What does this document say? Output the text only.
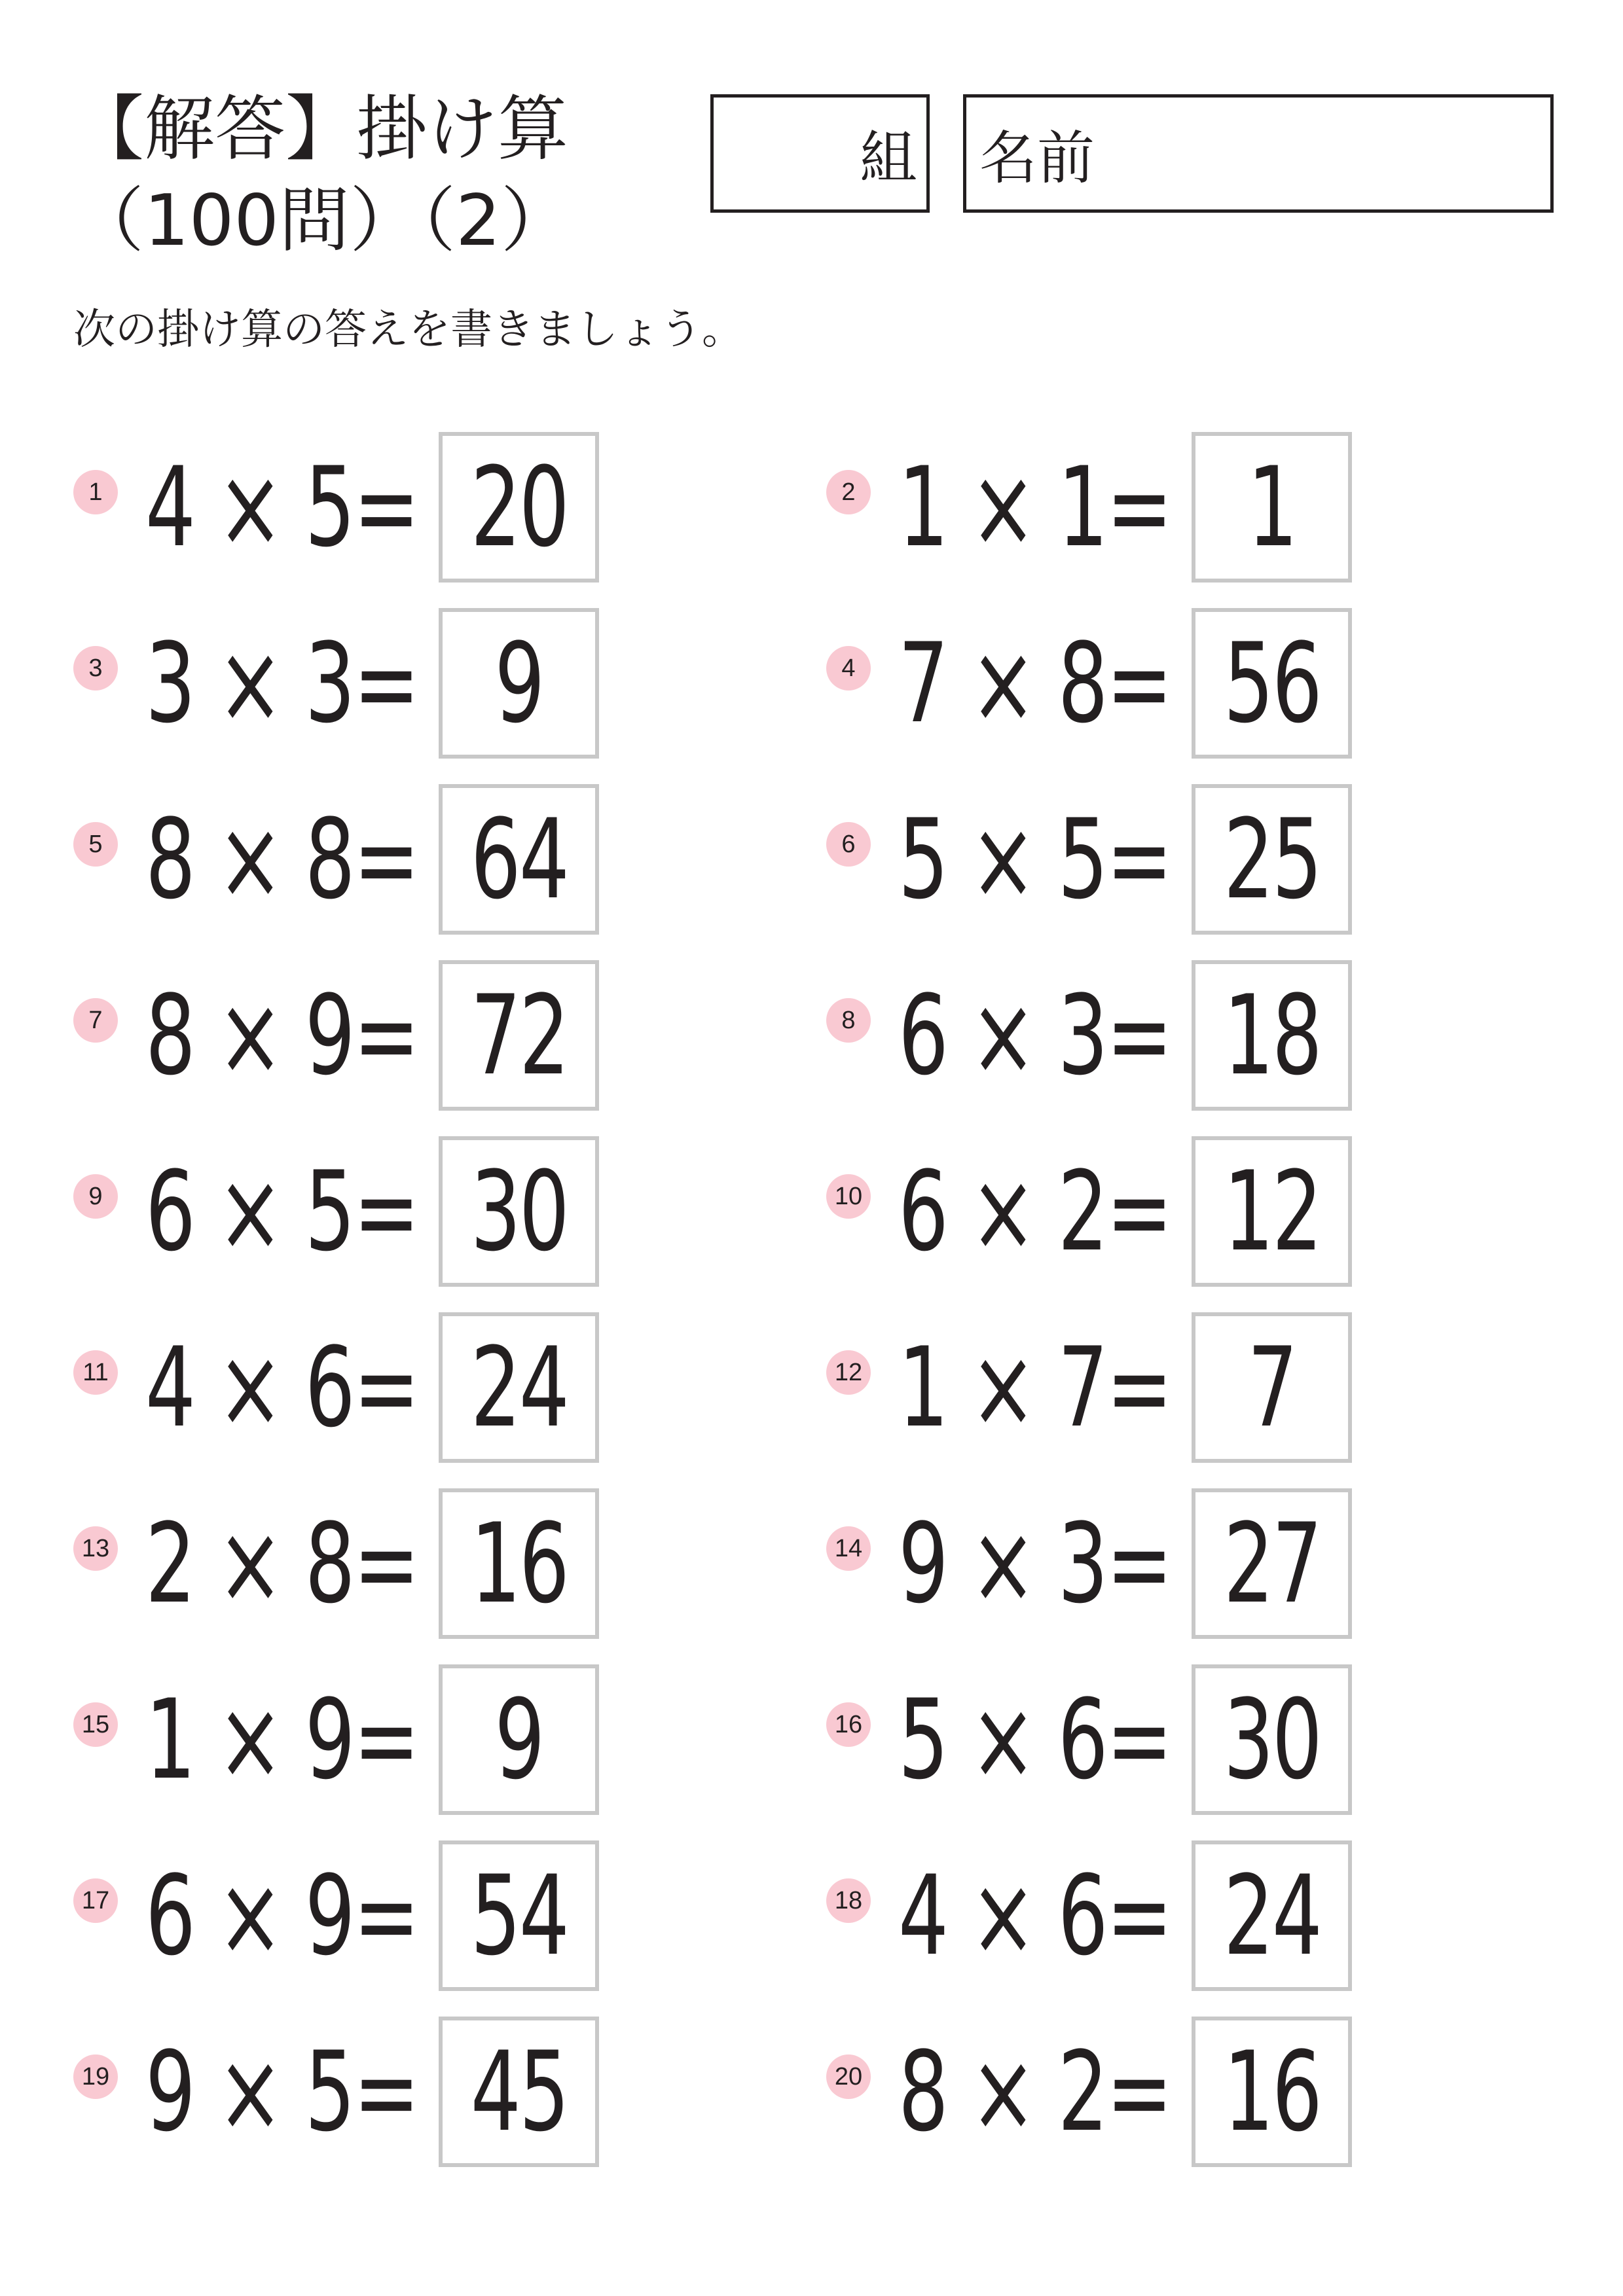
【解答】掛け算
（100問）（2）
組 名前
次の掛け算の答えを書きましょう。
1 4 × 5= 20	2 1 × 1= 1
3 3 × 3= 9	4 7 × 8= 56
5 8 × 8= 64	6 5 × 5= 25
7 8 × 9= 72	8 6 × 3= 18
9 6 × 5= 30	10 6 × 2= 12
11 4 × 6= 24	12 1 × 7= 7
13 2 × 8= 16	14 9 × 3= 27
15 1 × 9= 9	16 5 × 6= 30
17 6 × 9= 54	18 4 × 6= 24
19 9 × 5= 45	20 8 × 2= 16
